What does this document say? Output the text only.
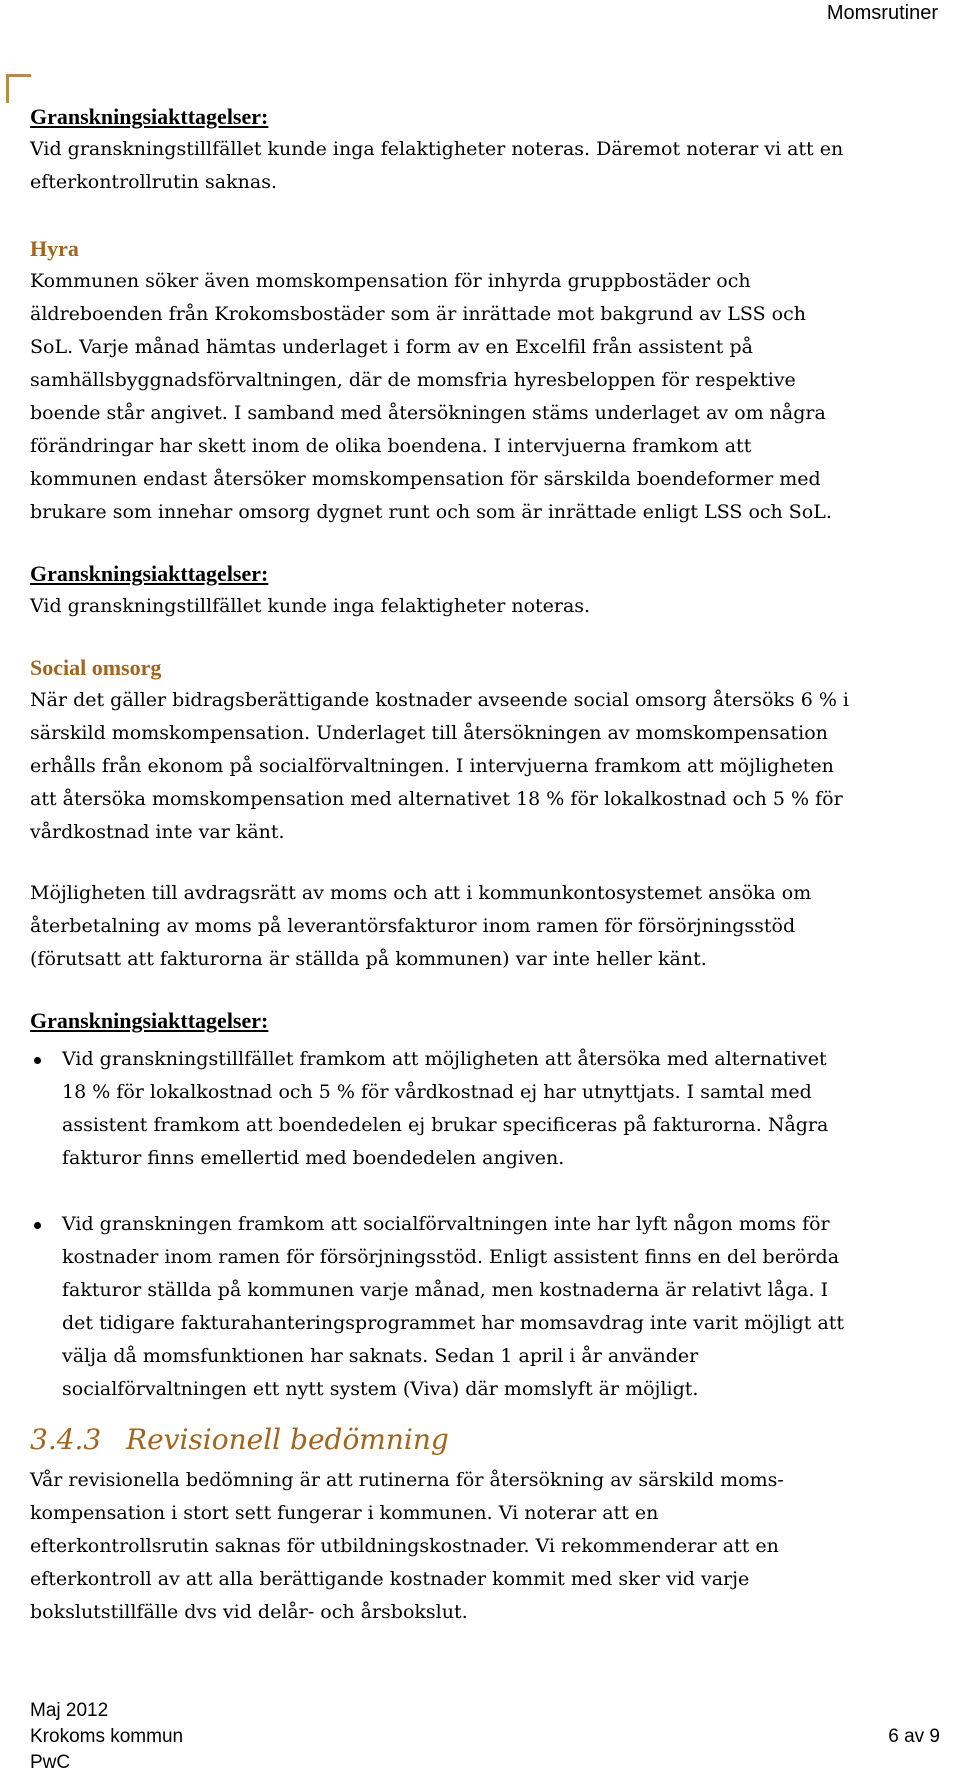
Momsrutiner
Granskningsiakttagelser:
Vid granskningstillfället kunde inga felaktigheter noteras. Däremot noterar vi att en
efterkontrollrutin saknas.
Hyra
Kommunen söker även momskompensation för inhyrda gruppbostäder och
äldreboenden från Krokomsbostäder som är inrättade mot bakgrund av LSS och
SoL. Varje månad hämtas underlaget i form av en Excelfil från assistent på
samhällsbyggnadsförvaltningen, där de momsfria hyresbeloppen för respektive
boende står angivet. I samband med återsökningen stäms underlaget av om några
förändringar har skett inom de olika boendena. I intervjuerna framkom att
kommunen endast återsöker momskompensation för särskilda boendeformer med
brukare som innehar omsorg dygnet runt och som är inrättade enligt LSS och SoL.
Granskningsiakttagelser:
Vid granskningstillfället kunde inga felaktigheter noteras.
Social omsorg
När det gäller bidragsberättigande kostnader avseende social omsorg återsöks 6 % i
särskild momskompensation. Underlaget till återsökningen av momskompensation
erhålls från ekonom på socialförvaltningen. I intervjuerna framkom att möjligheten
att återsöka momskompensation med alternativet 18 % för lokalkostnad och 5 % för
vårdkostnad inte var känt.
Möjligheten till avdragsrätt av moms och att i kommunkontosystemet ansöka om
återbetalning av moms på leverantörsfakturor inom ramen för försörjningsstöd
(förutsatt att fakturorna är ställda på kommunen) var inte heller känt.
Granskningsiakttagelser:
Vid granskningstillfället framkom att möjligheten att återsöka med alternativet
18 % för lokalkostnad och 5 % för vårdkostnad ej har utnyttjats. I samtal med
assistent framkom att boendedelen ej brukar specificeras på fakturorna. Några
fakturor finns emellertid med boendedelen angiven.
Vid granskningen framkom att socialförvaltningen inte har lyft någon moms för
kostnader inom ramen för försörjningsstöd. Enligt assistent finns en del berörda
fakturor ställda på kommunen varje månad, men kostnaderna är relativt låga. I
det tidigare fakturahanteringsprogrammet har momsavdrag inte varit möjligt att
välja då momsfunktionen har saknats. Sedan 1 april i år använder
socialförvaltningen ett nytt system (Viva) där momslyft är möjligt.
3.4.3 Revisionell bedömning
Vår revisionella bedömning är att rutinerna för återsökning av särskild moms-
kompensation i stort sett fungerar i kommunen. Vi noterar att en
efterkontrollsrutin saknas för utbildningskostnader. Vi rekommenderar att en
efterkontroll av att alla berättigande kostnader kommit med sker vid varje
bokslutstillfälle dvs vid delår- och årsbokslut.
Maj 2012
Krokoms kommun	6 av 9
PwC
